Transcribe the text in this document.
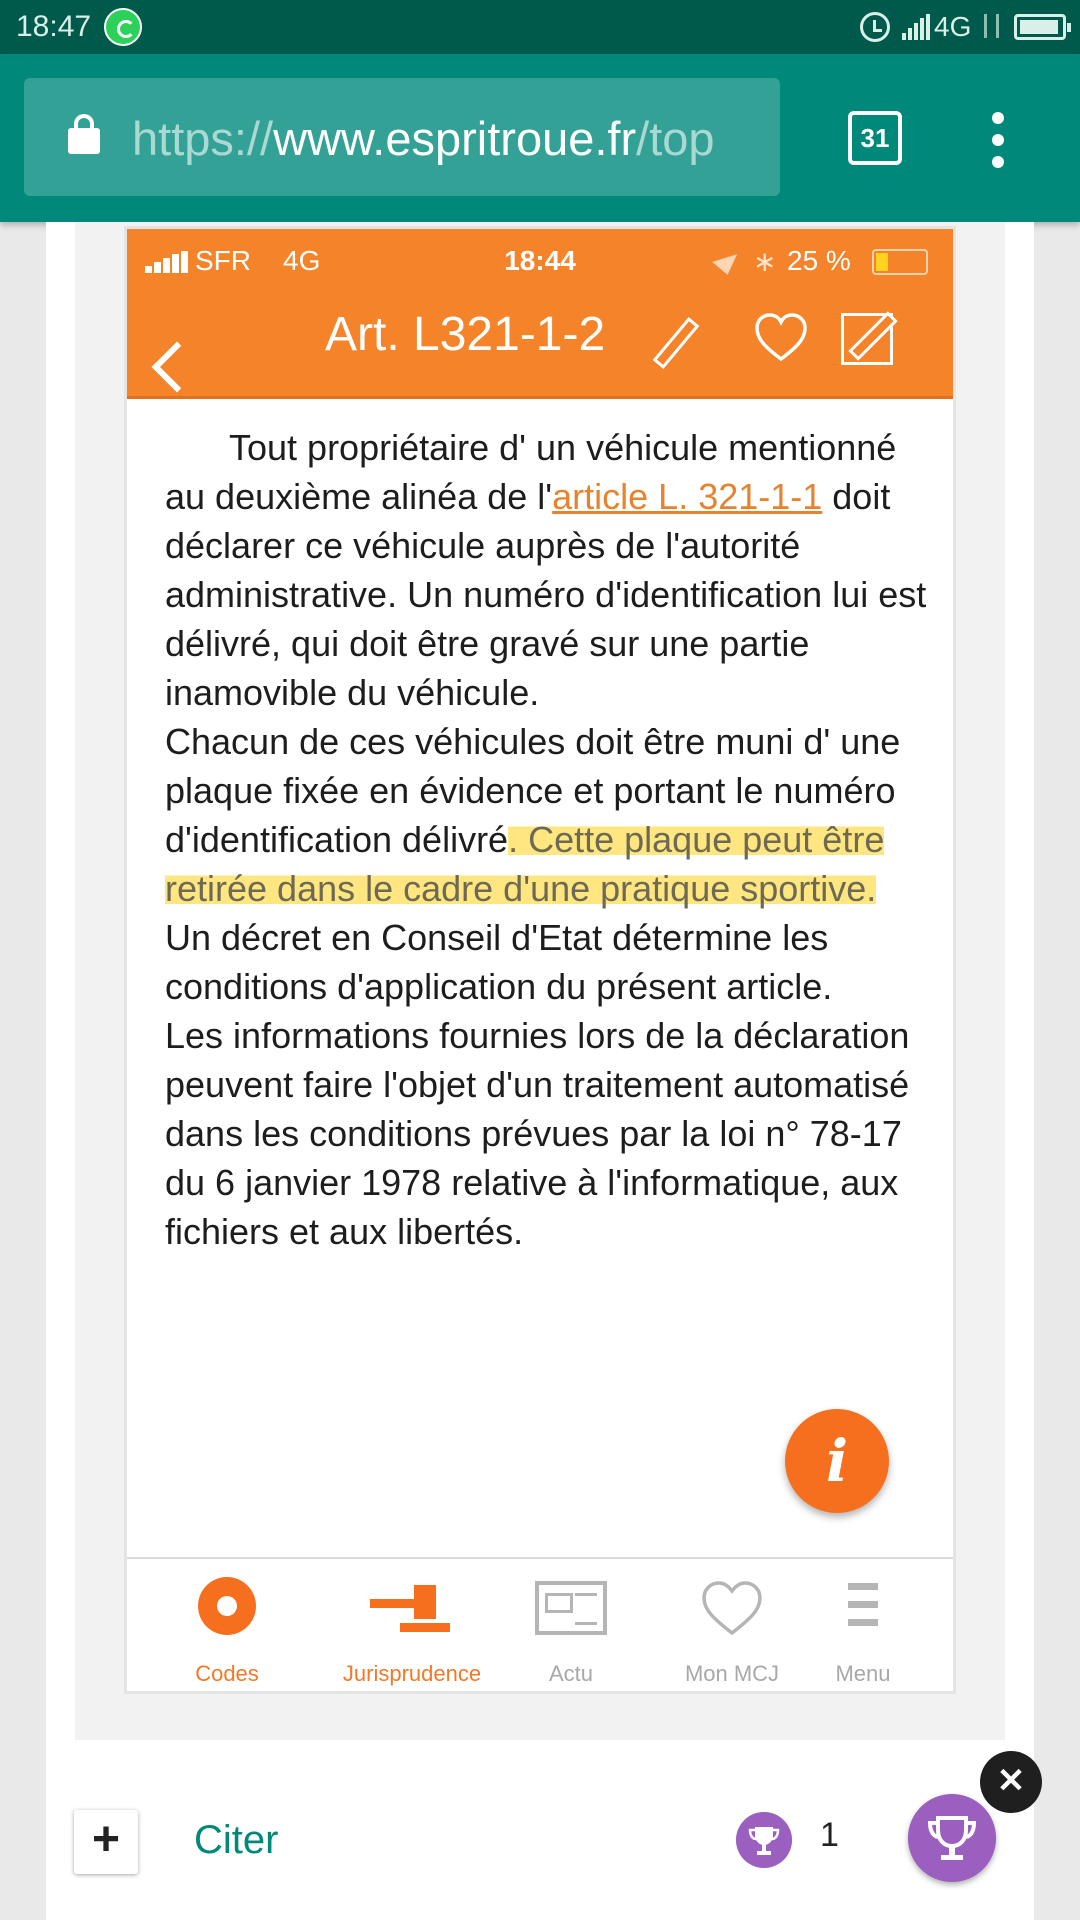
18:47	4G
https://www.espritroue.fr/top	31
SFR 4G	18:44	∗ 25 %
Art. L321-1-2

Tout propriétaire d' un véhicule mentionné au deuxième alinéa de l'article L. 321-1-1 doit déclarer ce véhicule auprès de l'autorité administrative. Un numéro d'identification lui est délivré, qui doit être gravé sur une partie inamovible du véhicule.

Chacun de ces véhicules doit être muni d' une plaque fixée en évidence et portant le numéro d'identification délivré. Cette plaque peut être retirée dans le cadre d'une pratique sportive.

Un décret en Conseil d'Etat détermine les conditions d'application du présent article.

Les informations fournies lors de la déclaration peuvent faire l'objet d'un traitement automatisé dans les conditions prévues par la loi n° 78-17 du 6 janvier 1978 relative à l'informatique, aux fichiers et aux libertés.

i
Codes	Jurisprudence	Actu	Mon MCJ	Menu
+	Citer	1
✕
